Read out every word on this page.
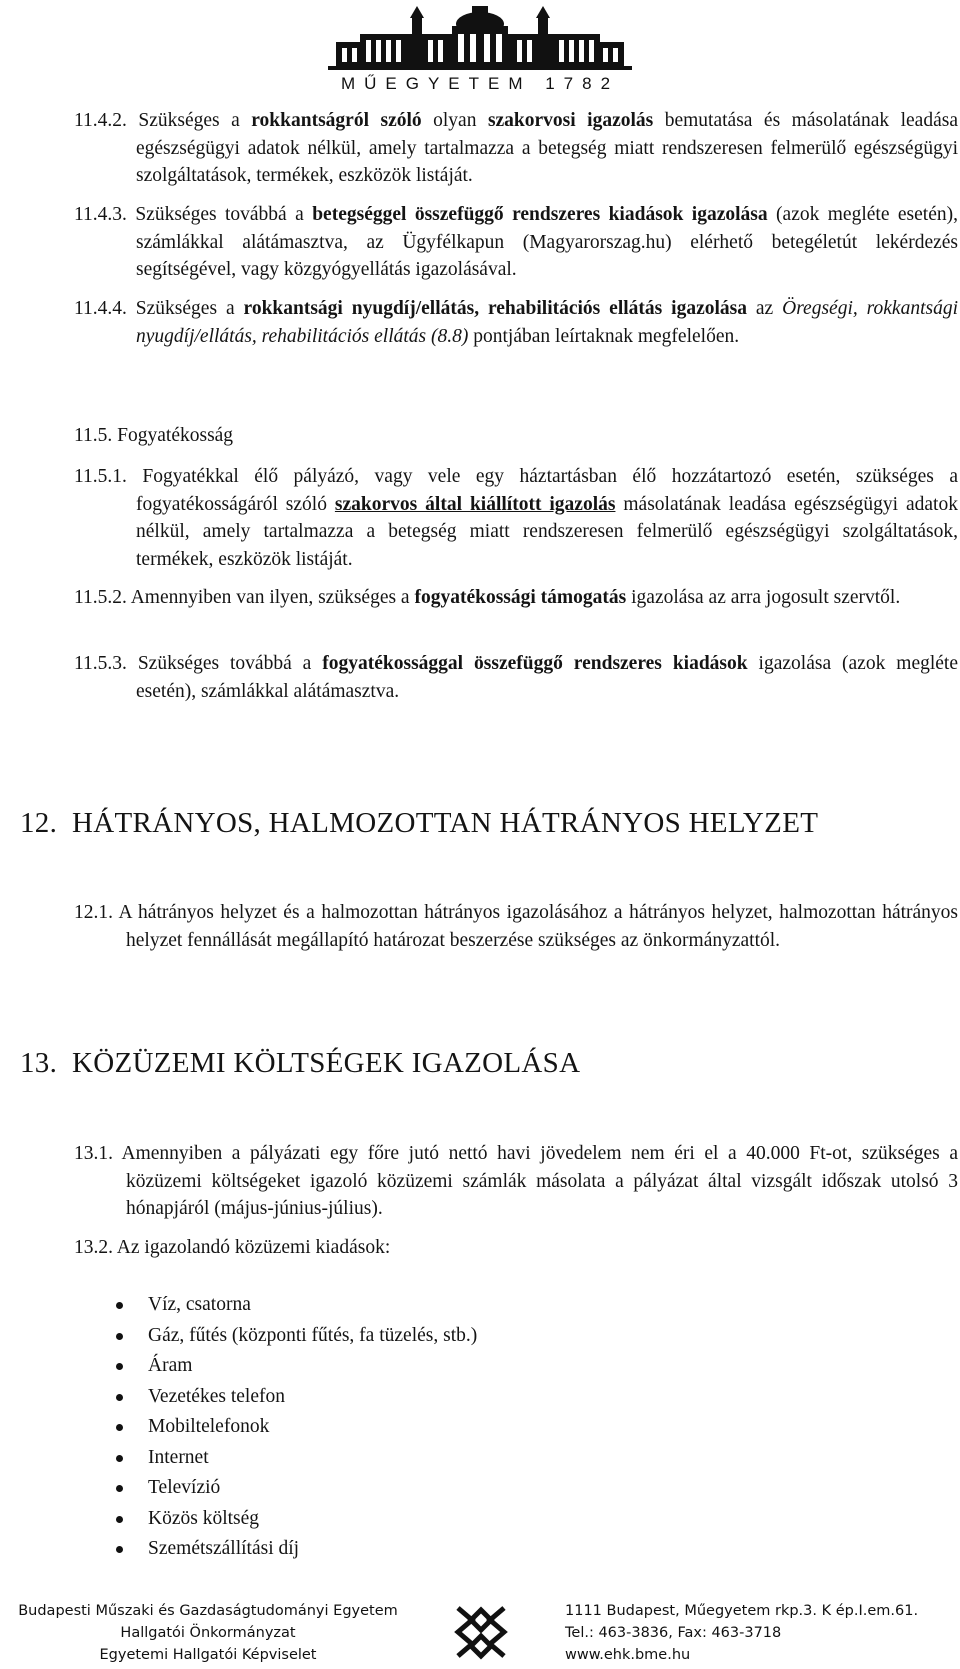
MŰEGYETEM 1782
11.4.2. Szükséges a rokkantságról szóló olyan szakorvosi igazolás bemutatása és másolatának leadása egészségügyi adatok nélkül, amely tartalmazza a betegség miatt rendszeresen felmerülő egészségügyi szolgáltatások, termékek, eszközök listáját.
11.4.3. Szükséges továbbá a betegséggel összefüggő rendszeres kiadások igazolása (azok megléte esetén), számlákkal alátámasztva, az Ügyfélkapun (Magyarorszag.hu) elérhető betegéletút lekérdezés segítségével, vagy közgyógyellátás igazolásával.
11.4.4. Szükséges a rokkantsági nyugdíj/ellátás, rehabilitációs ellátás igazolása az Öregségi, rokkantsági nyugdíj/ellátás, rehabilitációs ellátás (8.8) pontjában leírtaknak megfelelően.
11.5. Fogyatékosság
11.5.1. Fogyatékkal élő pályázó, vagy vele egy háztartásban élő hozzátartozó esetén, szükséges a fogyatékosságáról szóló szakorvos által kiállított igazolás másolatának leadása egészségügyi adatok nélkül, amely tartalmazza a betegség miatt rendszeresen felmerülő egészségügyi szolgáltatások, termékek, eszközök listáját.
11.5.2. Amennyiben van ilyen, szükséges a fogyatékossági támogatás igazolása az arra jogosult szervtől.
11.5.3. Szükséges továbbá a fogyatékossággal összefüggő rendszeres kiadások igazolása (azok megléte esetén), számlákkal alátámasztva.
12. HÁTRÁNYOS, HALMOZOTTAN HÁTRÁNYOS HELYZET
12.1. A hátrányos helyzet és a halmozottan hátrányos igazolásához a hátrányos helyzet, halmozottan hátrányos helyzet fennállását megállapító határozat beszerzése szükséges az önkormányzattól.
13. KÖZÜZEMI KÖLTSÉGEK IGAZOLÁSA
13.1. Amennyiben a pályázati egy főre jutó nettó havi jövedelem nem éri el a 40.000 Ft-ot, szükséges a közüzemi költségeket igazoló közüzemi számlák másolata a pályázat által vizsgált időszak utolsó 3 hónapjáról (május-június-július).
13.2. Az igazolandó közüzemi kiadások:
Víz, csatorna
Gáz, fűtés (központi fűtés, fa tüzelés, stb.)
Áram
Vezetékes telefon
Mobiltelefonok
Internet
Televízió
Közös költség
Szemétszállítási díj
Budapesti Műszaki és Gazdaságtudományi Egyetem
Hallgatói Önkormányzat
Egyetemi Hallgatói Képviselet
1111 Budapest, Műegyetem rkp.3. K ép.I.em.61.
Tel.: 463-3836, Fax: 463-3718
www.ehk.bme.hu
